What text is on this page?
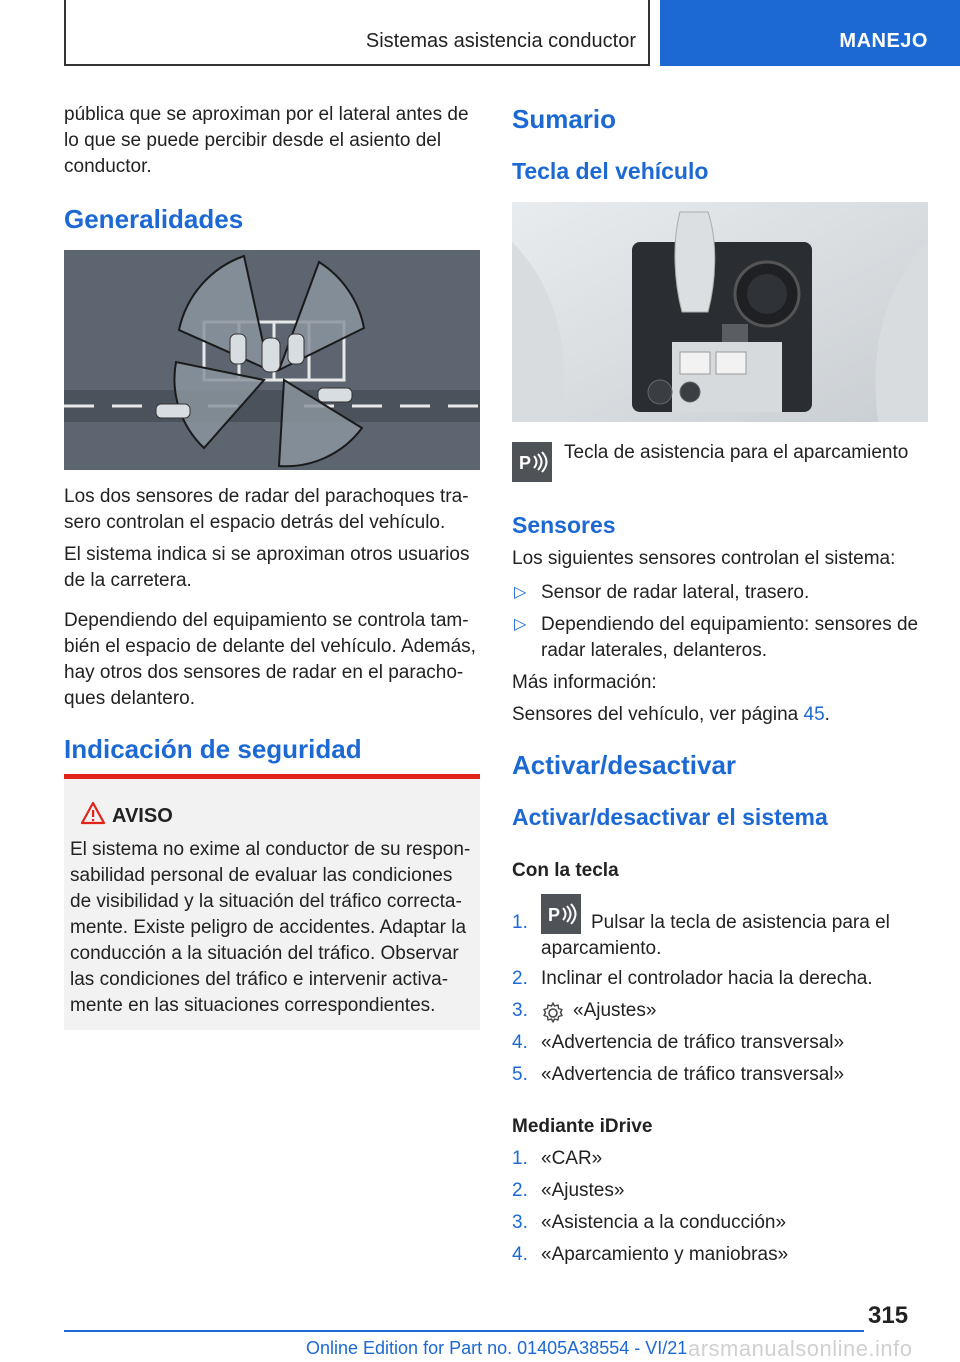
Sistemas asistencia conductor	MANEJO

pública que se aproximan por el lateral antes de lo que se puede percibir desde el asiento del conductor.

Generalidades

Los dos sensores de radar del parachoques trasero controlan el espacio detrás del vehículo.

El sistema indica si se aproximan otros usuarios de la carretera.

Dependiendo del equipamiento se controla también el espacio de delante del vehículo. Además, hay otros dos sensores de radar en el parachoques delantero.

Indicación de seguridad
AVISO

El sistema no exime al conductor de su responsabilidad personal de evaluar las condiciones de visibilidad y la situación del tráfico correctamente. Existe peligro de accidentes. Adaptar la conducción a la situación del tráfico. Observar las condiciones del tráfico e intervenir activamente en las situaciones correspondientes.

Sumario
Tecla del vehículo
P Tecla de asistencia para el aparcamiento

Sensores

Los siguientes sensores controlan el sistema:

▷ Sensor de radar lateral, trasero.

▷ Dependiendo del equipamiento: sensores de radar laterales, delanteros.

Más información:

Sensores del vehículo, ver página 45.

Activar/desactivar
Activar/desactivar el sistema
Con la tecla
1. P	Pulsar la tecla de asistencia para el aparcamiento.

2. Inclinar el controlador hacia la derecha.

3. «Ajustes»

4. «Advertencia de tráfico transversal»

5. «Advertencia de tráfico transversal»

Mediante iDrive
1. «CAR»

2. «Ajustes»

3. «Asistencia a la conducción»

4. «Aparcamiento y maniobras»

315
Online Edition for Part no. 01405A38554 - VI/21 arsmanualsonline.info
